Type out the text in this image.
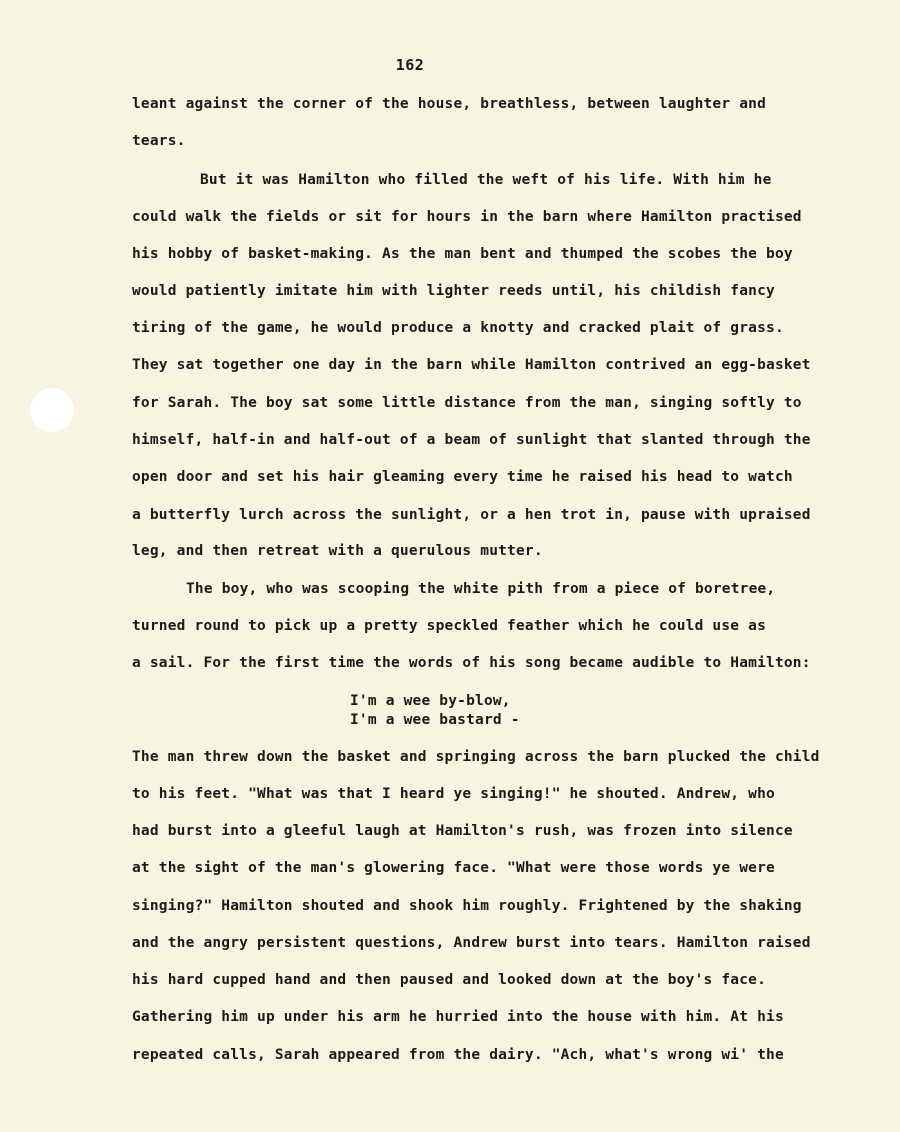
162
leant against the corner of the house, breathless, between laughter and
tears.
But it was Hamilton who filled the weft of his life. With him he
could walk the fields or sit for hours in the barn where Hamilton practised
his hobby of basket-making. As the man bent and thumped the scobes the boy
would patiently imitate him with lighter reeds until, his childish fancy
tiring of the game, he would produce a knotty and cracked plait of grass.
They sat together one day in the barn while Hamilton contrived an egg-basket
for Sarah. The boy sat some little distance from the man, singing softly to
himself, half-in and half-out of a beam of sunlight that slanted through the
open door and set his hair gleaming every time he raised his head to watch
a butterfly lurch across the sunlight, or a hen trot in, pause with upraised
leg, and then retreat with a querulous mutter.
The boy, who was scooping the white pith from a piece of boretree,
turned round to pick up a pretty speckled feather which he could use as
a sail. For the first time the words of his song became audible to Hamilton:
I'm a wee by-blow,
I'm a wee bastard -
The man threw down the basket and springing across the barn plucked the child
to his feet. "What was that I heard ye singing!" he shouted. Andrew, who
had burst into a gleeful laugh at Hamilton's rush, was frozen into silence
at the sight of the man's glowering face. "What were those words ye were
singing?" Hamilton shouted and shook him roughly. Frightened by the shaking
and the angry persistent questions, Andrew burst into tears. Hamilton raised
his hard cupped hand and then paused and looked down at the boy's face.
Gathering him up under his arm he hurried into the house with him. At his
repeated calls, Sarah appeared from the dairy. "Ach, what's wrong wi' the
